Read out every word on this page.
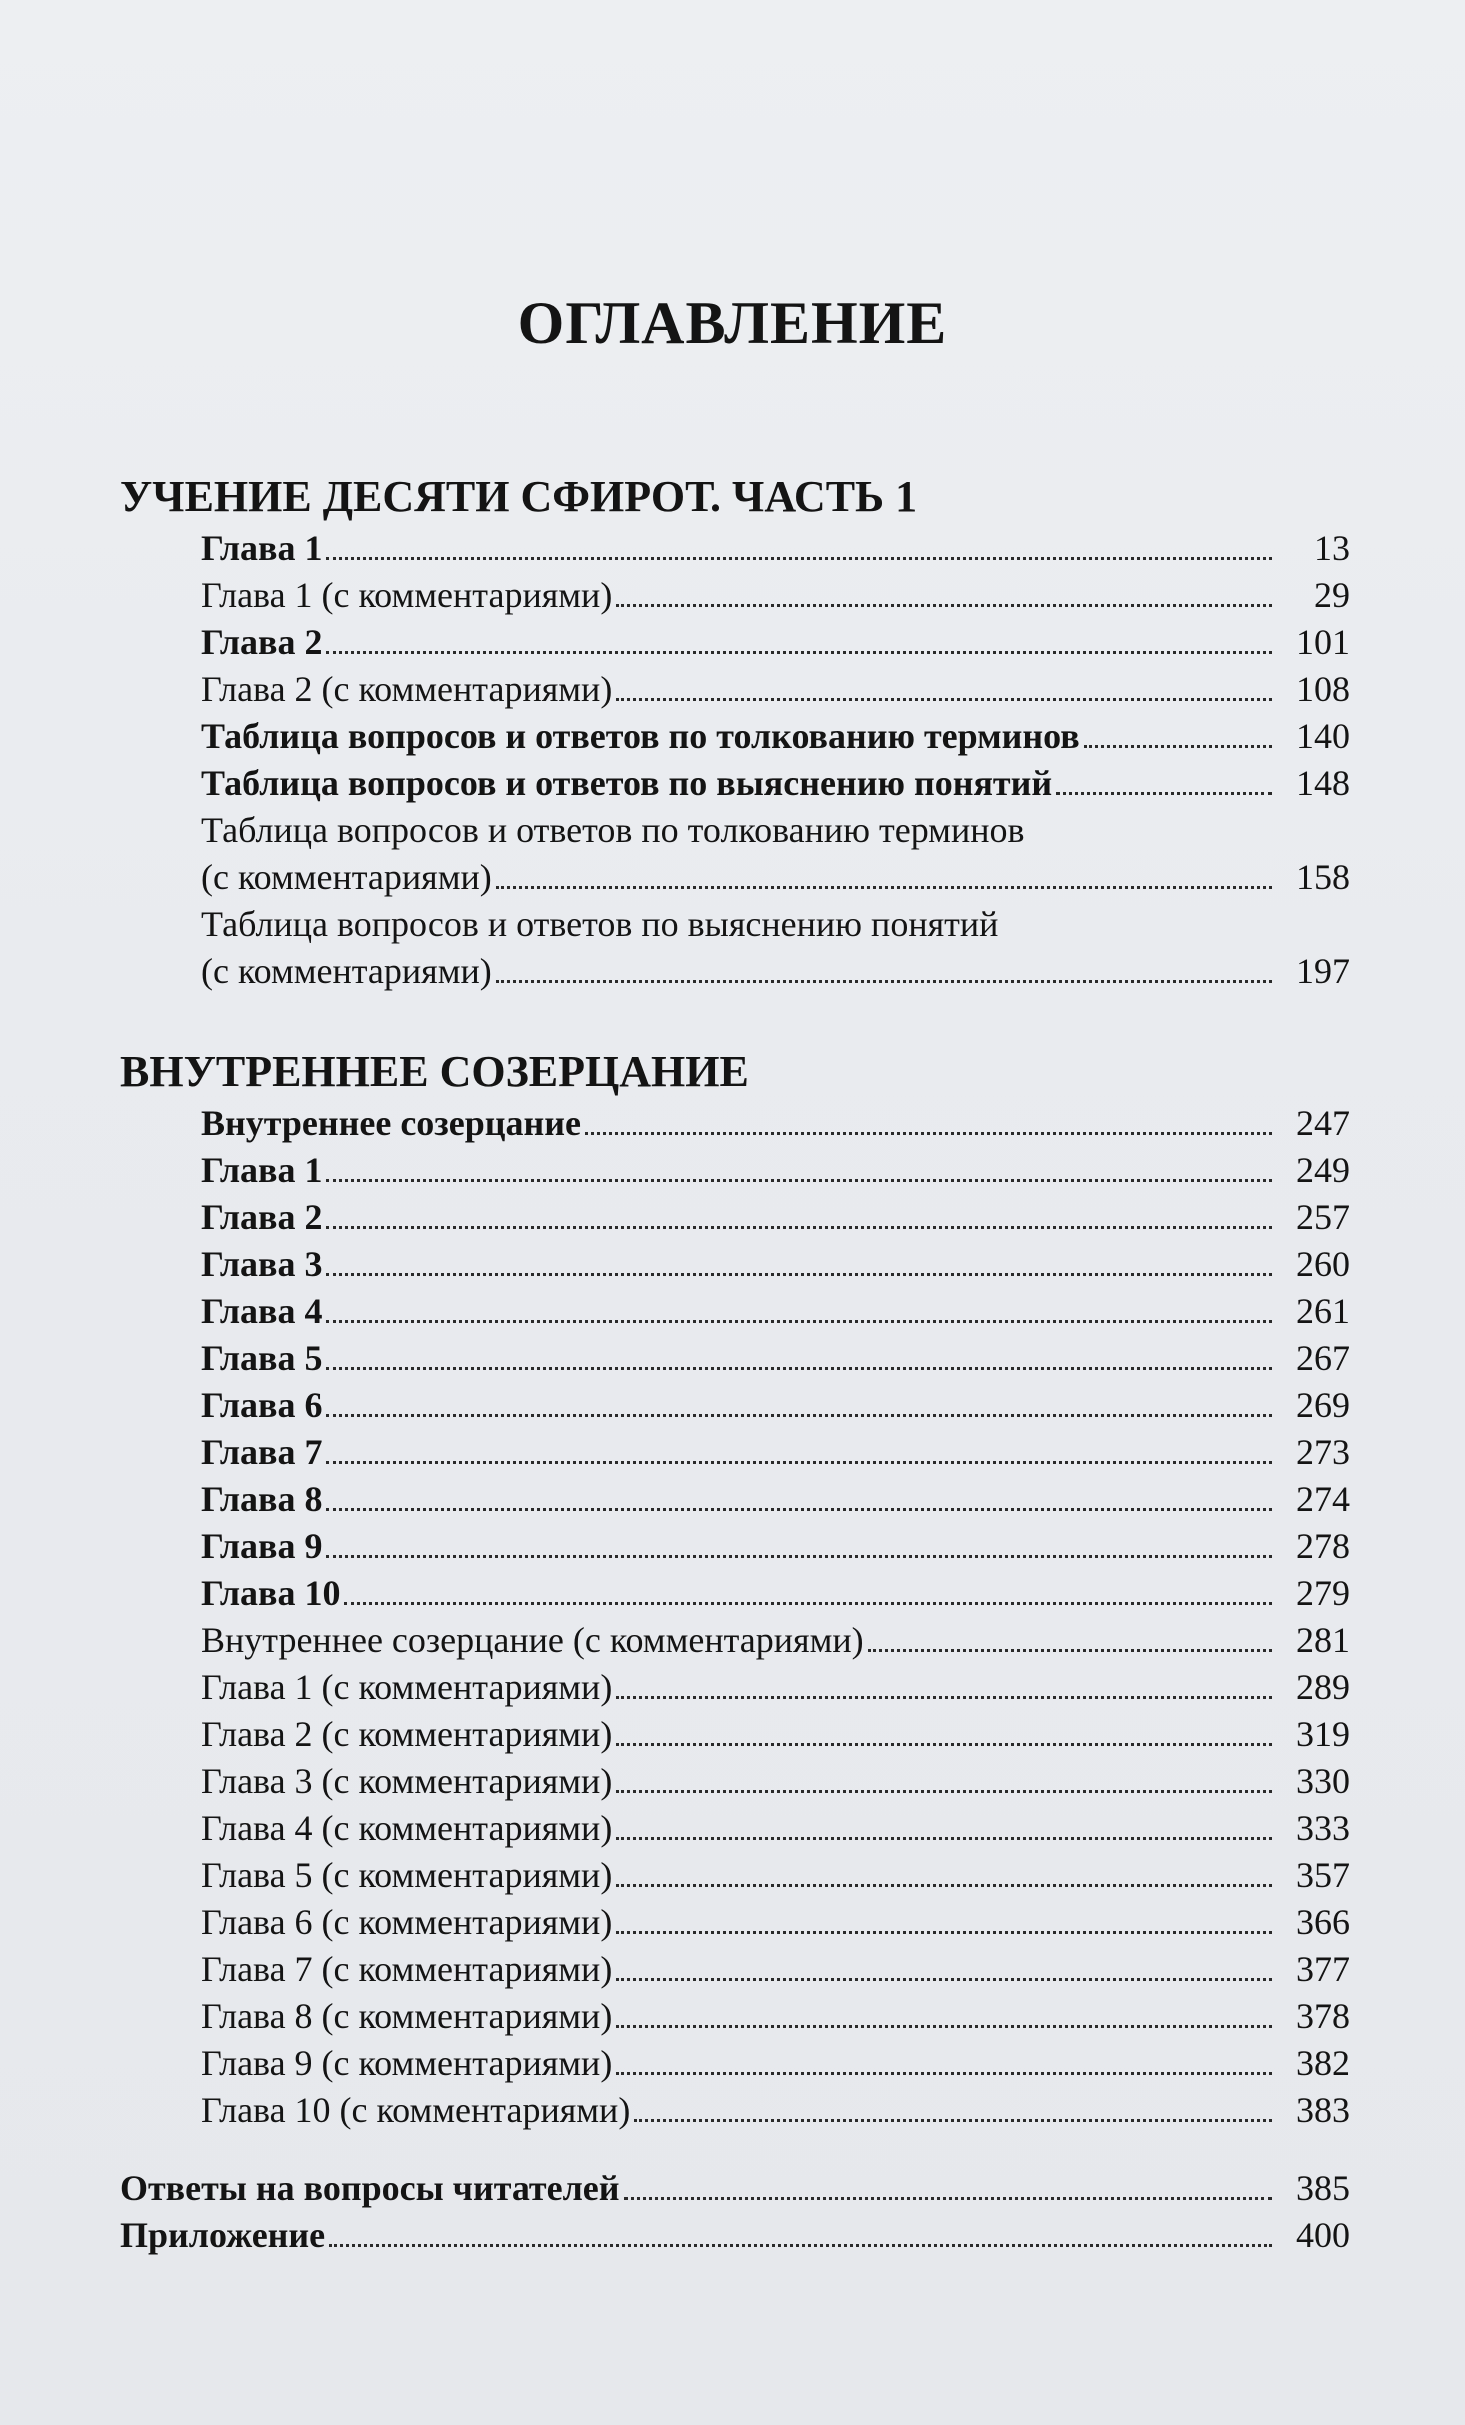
ОГЛАВЛЕНИЕ
УЧЕНИЕ ДЕСЯТИ СФИРОТ. ЧАСТЬ 1
Глава 1	13
Глава 1 (с комментариями)	29
Глава 2	101
Глава 2 (с комментариями)	108
Таблица вопросов и ответов по толкованию терминов	140
Таблица вопросов и ответов по выяснению понятий	148
Таблица вопросов и ответов по толкованию терминов
(с комментариями)	158
Таблица вопросов и ответов по выяснению понятий
(с комментариями)	197
ВНУТРЕННЕЕ СОЗЕРЦАНИЕ
Внутреннее созерцание	247
Глава 1	249
Глава 2	257
Глава 3	260
Глава 4	261
Глава 5	267
Глава 6	269
Глава 7	273
Глава 8	274
Глава 9	278
Глава 10	279
Внутреннее созерцание (с комментариями)	281
Глава 1 (с комментариями)	289
Глава 2 (с комментариями)	319
Глава 3 (с комментариями)	330
Глава 4 (с комментариями)	333
Глава 5 (с комментариями)	357
Глава 6 (с комментариями)	366
Глава 7 (с комментариями)	377
Глава 8 (с комментариями)	378
Глава 9 (с комментариями)	382
Глава 10 (с комментариями)	383
Ответы на вопросы читателей	385
Приложение	400
